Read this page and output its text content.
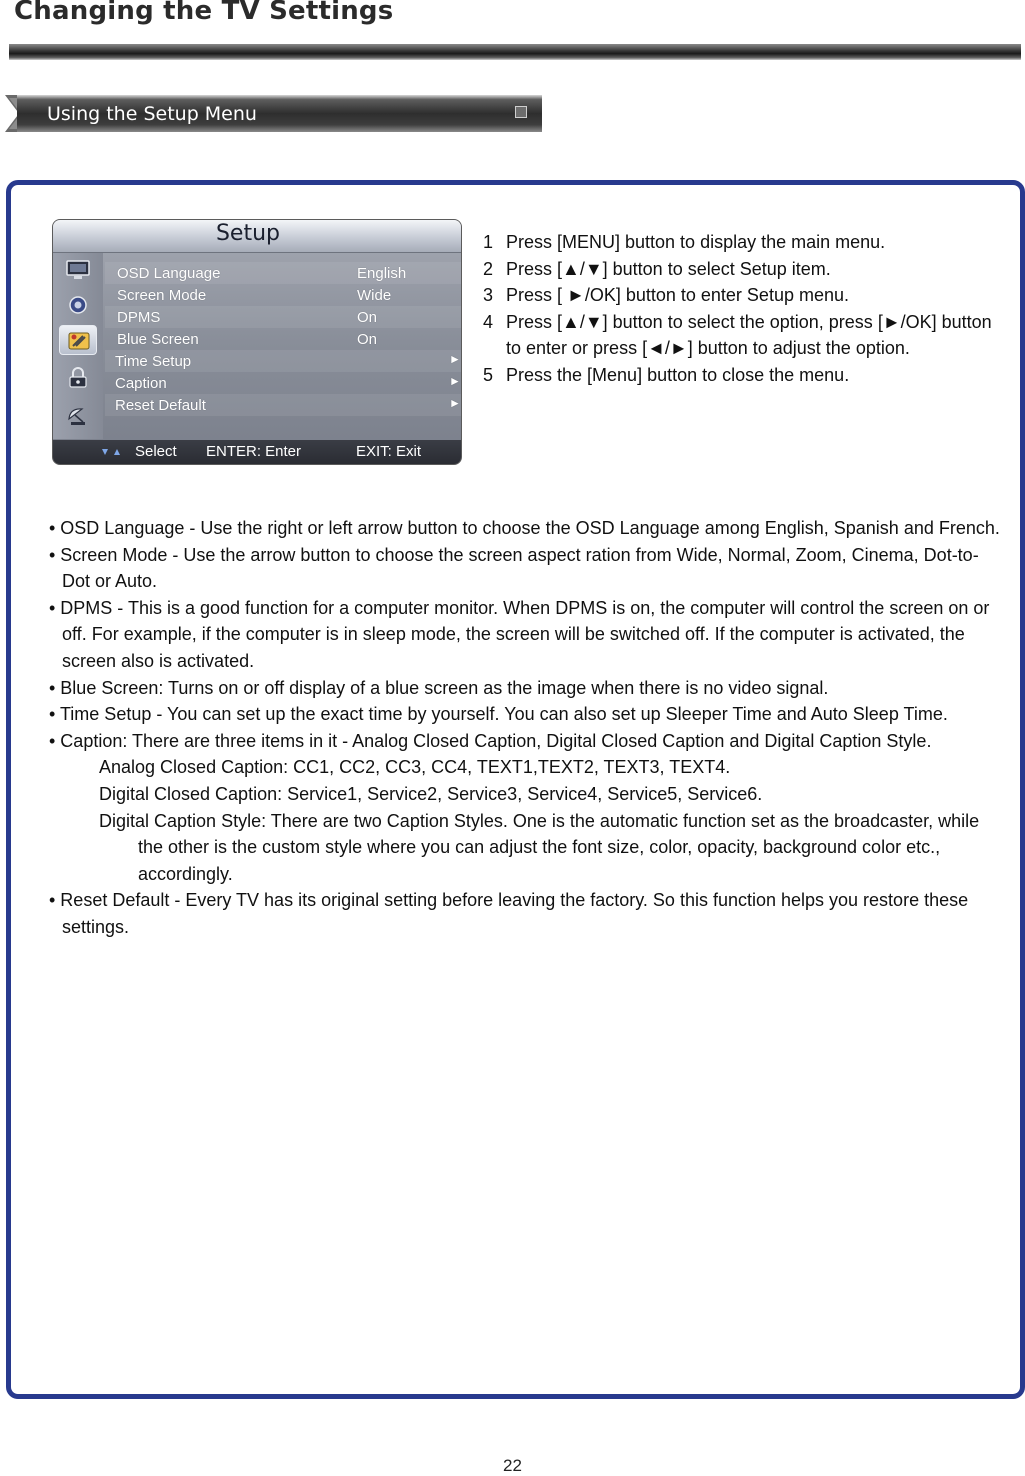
Changing the TV Settings
Using the Setup Menu
Setup
OSD Language	English
Screen Mode	Wide
DPMS	On
Blue Screen	On
Time Setup	►
Caption	►
Reset Default	►
Select ENTER: Enter	EXIT: Exit
1 Press [MENU] button to display the main menu.
2 Press [▲/▼] button to select Setup item.
3 Press [ ►/OK] button to enter Setup menu.
4 Press [▲/▼] button to select the option, press [►/OK] button to enter or press [◄/►] button to adjust the option.
5 Press the [Menu] button to close the menu.

• OSD Language - Use the right or left arrow button to choose the OSD Language among English, Spanish and French.

• Screen Mode - Use the arrow button to choose the screen aspect ration from Wide, Normal, Zoom, Cinema, Dot-to-Dot or Auto.

• DPMS - This is a good function for a computer monitor. When DPMS is on, the computer will control the screen on or off. For example, if the computer is in sleep mode, the screen will be switched off. If the computer is activated, the screen also is activated.

• Blue Screen: Turns on or off display of a blue screen as the image when there is no video signal.

• Time Setup - You can set up the exact time by yourself. You can also set up Sleeper Time and Auto Sleep Time.

• Caption: There are three items in it - Analog Closed Caption, Digital Closed Caption and Digital Caption Style.

Analog Closed Caption: CC1, CC2, CC3, CC4, TEXT1,TEXT2, TEXT3, TEXT4.

Digital Closed Caption: Service1, Service2, Service3, Service4, Service5, Service6.

Digital Caption Style: There are two Caption Styles. One is the automatic function set as the broadcaster, while the other is the custom style where you can adjust the font size, color, opacity, background color etc., accordingly.

• Reset Default - Every TV has its original setting before leaving the factory. So this function helps you restore these settings.

22
